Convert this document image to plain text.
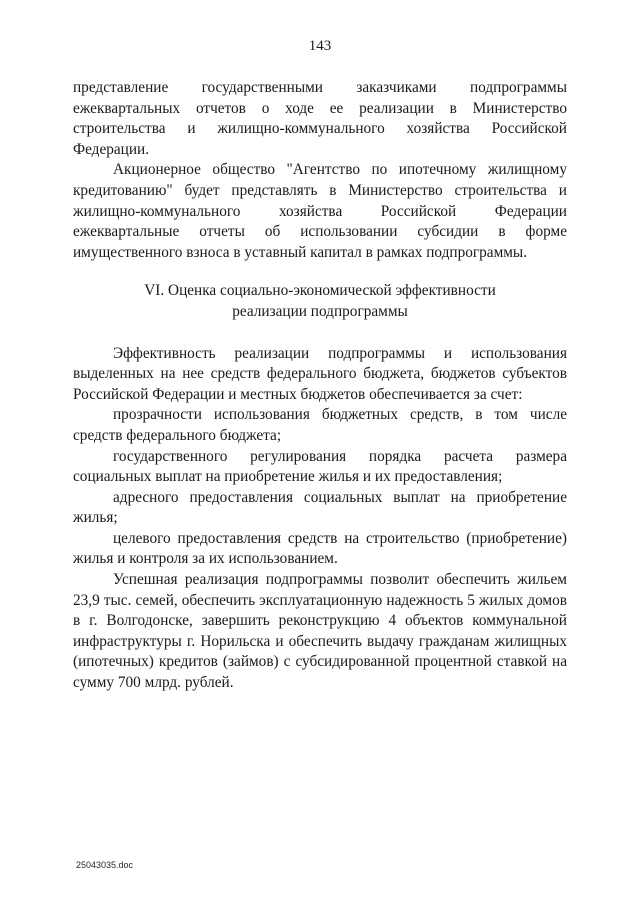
143

представление государственными заказчиками подпрограммы ежеквартальных отчетов о ходе ее реализации в Министерство строительства и жилищно-коммунального хозяйства Российской Федерации.

Акционерное общество "Агентство по ипотечному жилищному кредитованию" будет представлять в Министерство строительства и жилищно-коммунального хозяйства Российской Федерации ежеквартальные отчеты об использовании субсидии в форме имущественного взноса в уставный капитал в рамках подпрограммы.

VI. Оценка социально-экономической эффективности
реализации подпрограммы

Эффективность реализации подпрограммы и использования выделенных на нее средств федерального бюджета, бюджетов субъектов Российской Федерации и местных бюджетов обеспечивается за счет:

прозрачности использования бюджетных средств, в том числе средств федерального бюджета;

государственного регулирования порядка расчета размера социальных выплат на приобретение жилья и их предоставления;

адресного предоставления социальных выплат на приобретение жилья;

целевого предоставления средств на строительство (приобретение) жилья и контроля за их использованием.

Успешная реализация подпрограммы позволит обеспечить жильем 23,9 тыс. семей, обеспечить эксплуатационную надежность 5 жилых домов в г. Волгодонске, завершить реконструкцию 4 объектов коммунальной инфраструктуры г. Норильска и обеспечить выдачу гражданам жилищных (ипотечных) кредитов (займов) с субсидированной процентной ставкой на сумму 700 млрд. рублей.

25043035.doc
